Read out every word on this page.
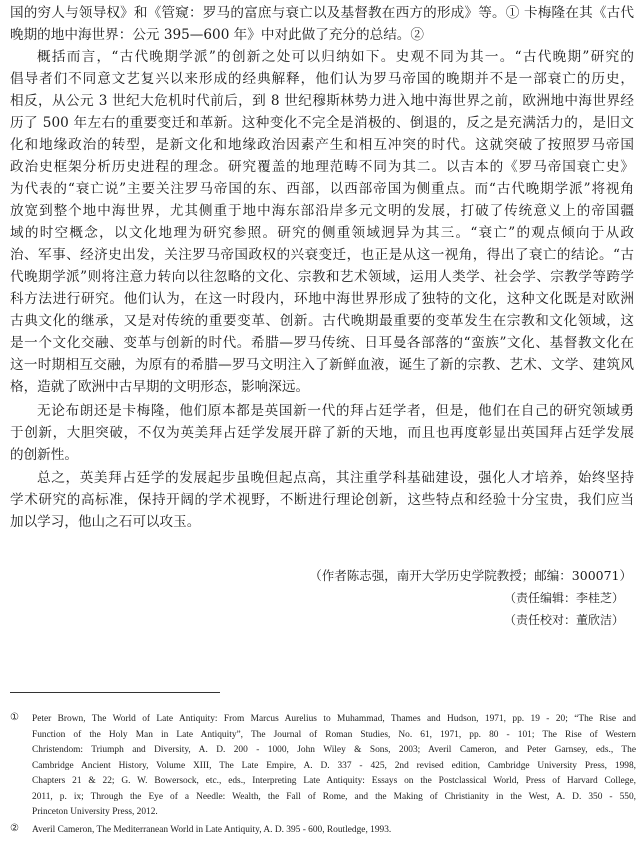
国的穷人与领导权》和《管窥：罗马的富庶与衰亡以及基督教在西方的形成》等。① 卡梅隆在其《古代
晚期的地中海世界：公元 395—600 年》中对此做了充分的总结。②
概括而言，“古代晚期学派”的创新之处可以归纳如下。史观不同为其一。“古代晚期”研究的
倡导者们不同意文艺复兴以来形成的经典解释，他们认为罗马帝国的晚期并不是一部衰亡的历史，
相反，从公元 3 世纪大危机时代前后，到 8 世纪穆斯林势力进入地中海世界之前，欧洲地中海世界经
历了 500 年左右的重要变迁和革新。这种变化不完全是消极的、倒退的，反之是充满活力的，是旧文
化和地缘政治的转型，是新文化和地缘政治因素产生和相互冲突的时代。这就突破了按照罗马帝国
政治史框架分析历史进程的理念。研究覆盖的地理范畴不同为其二。以吉本的《罗马帝国衰亡史》
为代表的“衰亡说”主要关注罗马帝国的东、西部，以西部帝国为侧重点。而“古代晚期学派”将视角
放宽到整个地中海世界，尤其侧重于地中海东部沿岸多元文明的发展，打破了传统意义上的帝国疆
域的时空概念，以文化地理为研究参照。研究的侧重领域迥异为其三。“衰亡”的观点倾向于从政
治、军事、经济史出发，关注罗马帝国政权的兴衰变迁，也正是从这一视角，得出了衰亡的结论。“古
代晚期学派”则将注意力转向以往忽略的文化、宗教和艺术领域，运用人类学、社会学、宗教学等跨学
科方法进行研究。他们认为，在这一时段内，环地中海世界形成了独特的文化，这种文化既是对欧洲
古典文化的继承，又是对传统的重要变革、创新。古代晚期最重要的变革发生在宗教和文化领域，这
是一个文化交融、变革与创新的时代。希腊—罗马传统、日耳曼各部落的“蛮族”文化、基督教文化在
这一时期相互交融，为原有的希腊—罗马文明注入了新鲜血液，诞生了新的宗教、艺术、文学、建筑风
格，造就了欧洲中古早期的文明形态，影响深远。
无论布朗还是卡梅隆，他们原本都是英国新一代的拜占廷学者，但是，他们在自己的研究领域勇
于创新，大胆突破，不仅为英美拜占廷学发展开辟了新的天地，而且也再度彰显出英国拜占廷学发展
的创新性。
总之，英美拜占廷学的发展起步虽晚但起点高，其注重学科基础建设，强化人才培养，始终坚持
学术研究的高标准，保持开阔的学术视野，不断进行理论创新，这些特点和经验十分宝贵，我们应当
加以学习，他山之石可以攻玉。
（作者陈志强，南开大学历史学院教授；邮编：300071）
（责任编辑：李桂芝）
（责任校对：董欣洁）
①	Peter Brown, The World of Late Antiquity: From Marcus Aurelius to Muhammad, Thames and Hudson, 1971, pp. 19 - 20; “The Rise and
Function of the Holy Man in Late Antiquity”, The Journal of Roman Studies, No. 61, 1971, pp. 80 - 101; The Rise of Western
Christendom: Triumph and Diversity, A. D. 200 - 1000, John Wiley & Sons, 2003; Averil Cameron, and Peter Garnsey, eds., The
Cambridge Ancient History, Volume XIII, The Late Empire, A. D. 337 - 425, 2nd revised edition, Cambridge University Press, 1998,
Chapters 21 & 22; G. W. Bowersock, etc., eds., Interpreting Late Antiquity: Essays on the Postclassical World, Press of Harvard College,
2011, p. ix; Through the Eye of a Needle: Wealth, the Fall of Rome, and the Making of Christianity in the West, A. D. 350 - 550,
Princeton University Press, 2012.
②	Averil Cameron, The Mediterranean World in Late Antiquity, A. D. 395 - 600, Routledge, 1993.
